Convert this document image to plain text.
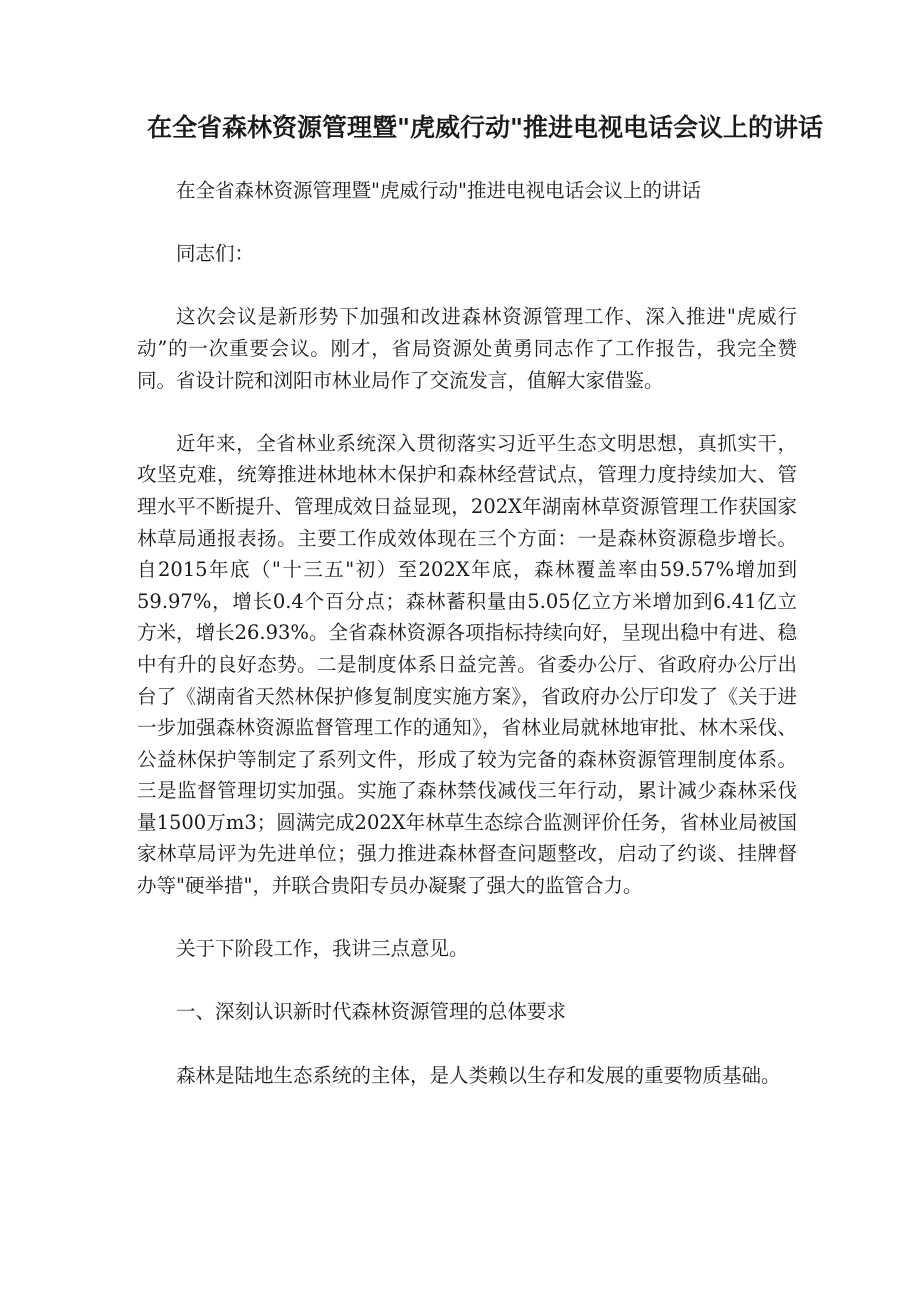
在全省森林资源管理暨"虎威行动"推进电视电话会议上的讲话

在全省森林资源管理暨"虎威行动"推进电视电话会议上的讲话

同志们：

这次会议是新形势下加强和改进森林资源管理工作、深入推进"虎威行动”的一次重要会议。刚才，省局资源处黄勇同志作了工作报告，我完全赞同。省设计院和浏阳市林业局作了交流发言，值解大家借鉴。

近年来，全省林业系统深入贯彻落实习近平生态文明思想，真抓实干，攻坚克难，统筹推进林地林木保护和森林经营试点，管理力度持续加大、管理水平不断提升、管理成效日益显现，202X年湖南林草资源管理工作获国家林草局通报表扬。主要工作成效体现在三个方面：一是森林资源稳步增长。自2015年底（"十三五"初）至202X年底，森林覆盖率由59.57%增加到59.97%，增长0.4个百分点；森林蓄积量由5.05亿立方米增加到6.41亿立方米，增长26.93%。全省森林资源各项指标持续向好，呈现出稳中有进、稳中有升的良好态势。二是制度体系日益完善。省委办公厅、省政府办公厅出台了《湖南省天然林保护修复制度实施方案》，省政府办公厅印发了《关于进一步加强森林资源监督管理工作的通知》，省林业局就林地审批、林木采伐、公益林保护等制定了系列文件，形成了较为完备的森林资源管理制度体系。三是监督管理切实加强。实施了森林禁伐减伐三年行动，累计减少森林采伐量1500万m3；圆满完成202X年林草生态综合监测评价任务，省林业局被国家林草局评为先进单位；强力推进森林督查问题整改，启动了约谈、挂牌督办等"硬举措"，并联合贵阳专员办凝聚了强大的监管合力。

关于下阶段工作，我讲三点意见。

一、深刻认识新时代森林资源管理的总体要求

森林是陆地生态系统的主体，是人类赖以生存和发展的重要物质基础。
